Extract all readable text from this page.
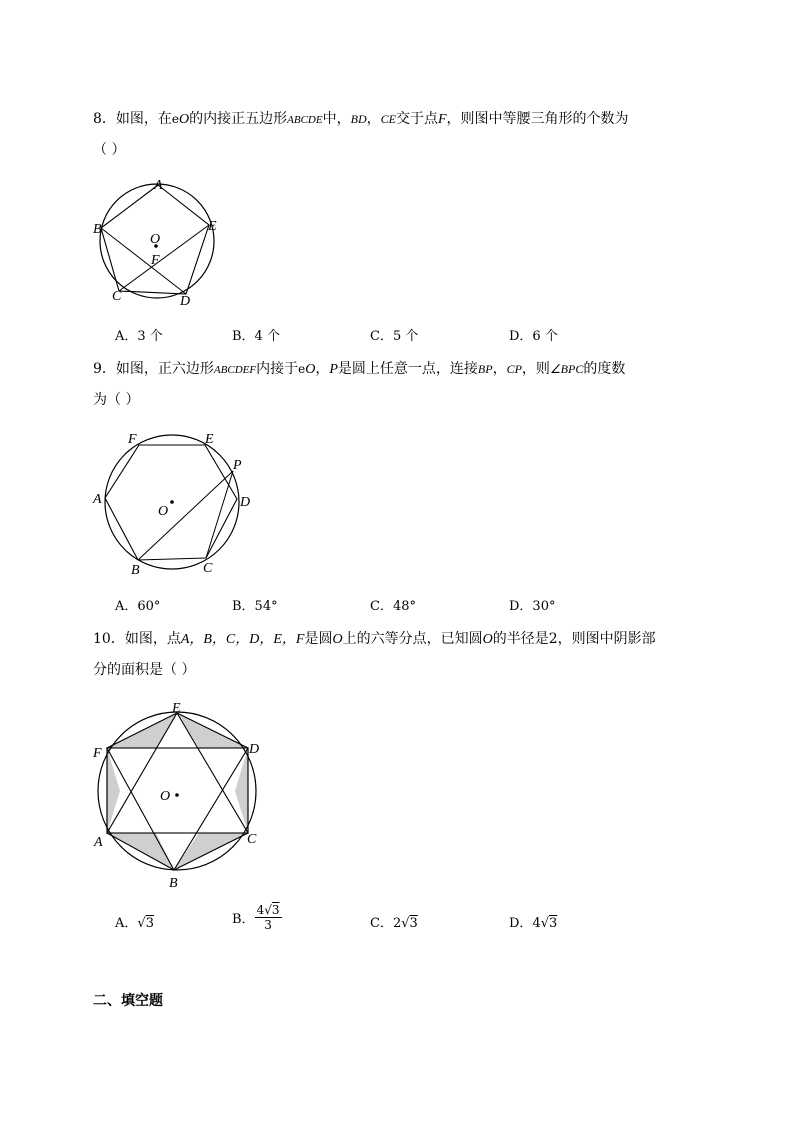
8．如图，在eO的内接正五边形ABCDE中，BD，CE交于点F，则图中等腰三角形的个数为
（ ）
A
B
C	D
E
O
F
A．3 个	B．4 个	C．5 个	D．6 个
9．如图，正六边形ABCDEF内接于eO，P是圆上任意一点，连接BP，CP，则∠BPC的度数
为（ ）
A
B	C
D
E
F
O
P
A．60°	B．54°	C．48°	D．30°
10．如图，点A，B，C，D，E，F是圆O上的六等分点，已知圆O的半径是2，则图中阴影部
分的面积是（ ）
E
D
C
B
A
F
O
A．√3	B． $\frac{4√3}{3}$	C．2√3	D．4√3
二、填空题
